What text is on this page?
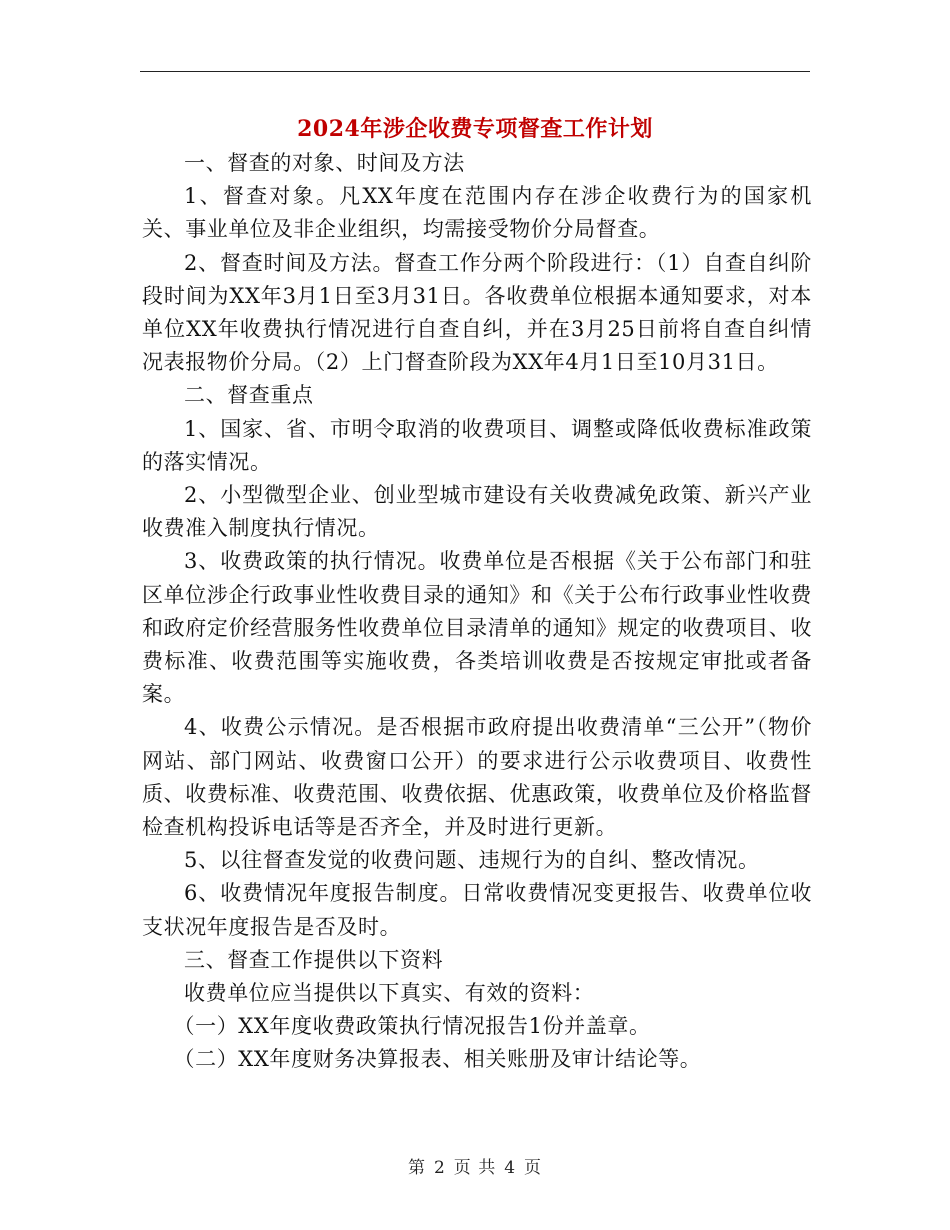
2024年涉企收费专项督查工作计划

一、督查的对象、时间及方法

1、督查对象。凡XX年度在范围内存在涉企收费行为的国家机关、事业单位及非企业组织，均需接受物价分局督查。

2、督查时间及方法。督查工作分两个阶段进行：（1）自查自纠阶段时间为XX年3月1日至3月31日。各收费单位根据本通知要求，对本单位XX年收费执行情况进行自查自纠，并在3月25日前将自查自纠情况表报物价分局。（2）上门督查阶段为XX年4月1日至10月31日。

二、督查重点

1、国家、省、市明令取消的收费项目、调整或降低收费标准政策的落实情况。

2、小型微型企业、创业型城市建设有关收费减免政策、新兴产业收费准入制度执行情况。

3、收费政策的执行情况。收费单位是否根据《关于公布部门和驻区单位涉企行政事业性收费目录的通知》和《关于公布行政事业性收费和政府定价经营服务性收费单位目录清单的通知》规定的收费项目、收费标准、收费范围等实施收费，各类培训收费是否按规定审批或者备案。

4、收费公示情况。是否根据市政府提出收费清单“三公开”（物价网站、部门网站、收费窗口公开）的要求进行公示收费项目、收费性质、收费标准、收费范围、收费依据、优惠政策，收费单位及价格监督检查机构投诉电话等是否齐全，并及时进行更新。

5、以往督查发觉的收费问题、违规行为的自纠、整改情况。

6、收费情况年度报告制度。日常收费情况变更报告、收费单位收支状况年度报告是否及时。

三、督查工作提供以下资料

收费单位应当提供以下真实、有效的资料：

（一）XX年度收费政策执行情况报告1份并盖章。

（二）XX年度财务决算报表、相关账册及审计结论等。

第 2 页 共 4 页
